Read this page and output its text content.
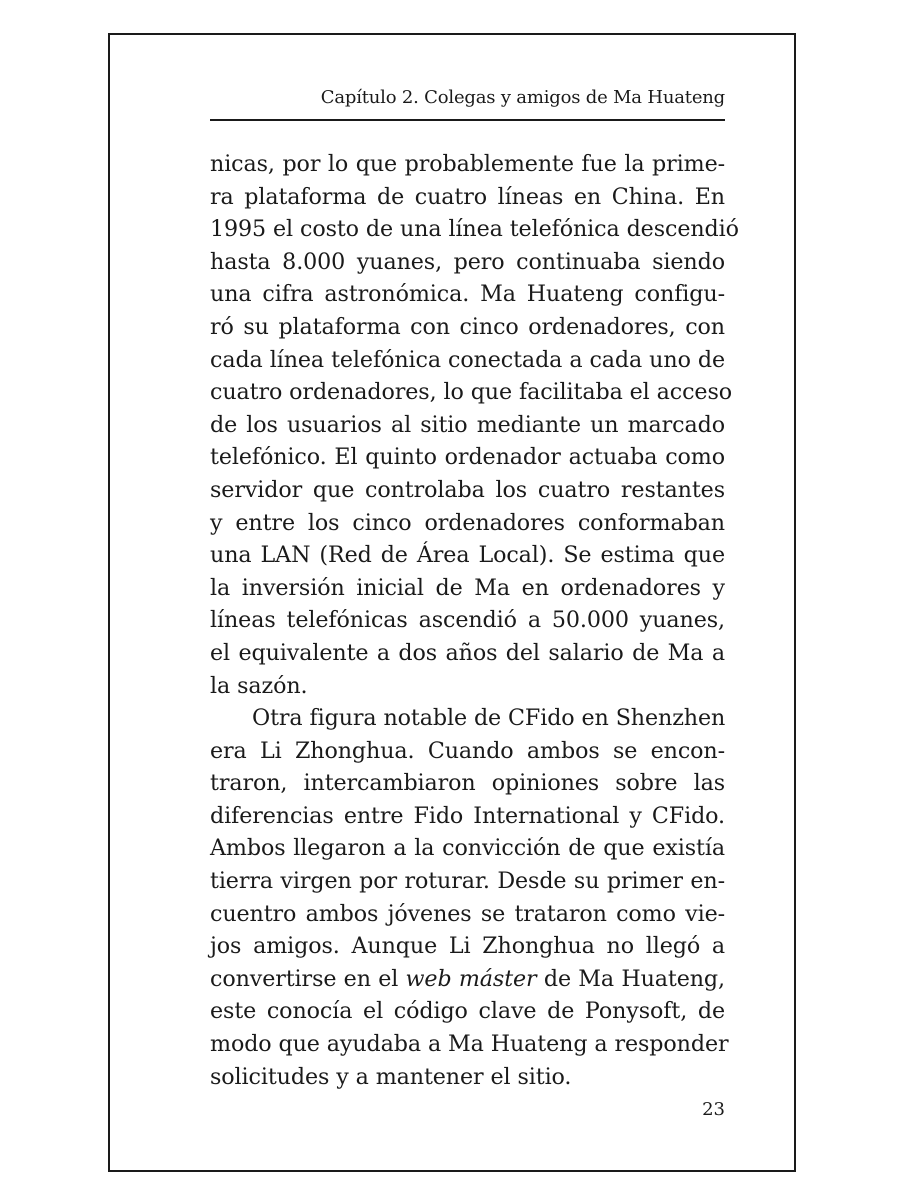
Capítulo 2. Colegas y amigos de Ma Huateng

nicas, por lo que probablemente fue la prime-
ra plataforma de cuatro líneas en China. En
1995 el costo de una línea telefónica descendió
hasta 8.000 yuanes, pero continuaba siendo
una cifra astronómica. Ma Huateng configu-
ró su plataforma con cinco ordenadores, con
cada línea telefónica conectada a cada uno de
cuatro ordenadores, lo que facilitaba el acceso
de los usuarios al sitio mediante un marcado
telefónico. El quinto ordenador actuaba como
servidor que controlaba los cuatro restantes
y entre los cinco ordenadores conformaban
una LAN (Red de Área Local). Se estima que
la inversión inicial de Ma en ordenadores y
líneas telefónicas ascendió a 50.000 yuanes,
el equivalente a dos años del salario de Ma a
la sazón.

Otra figura notable de CFido en Shenzhen
era Li Zhonghua. Cuando ambos se encon-
traron, intercambiaron opiniones sobre las
diferencias entre Fido International y CFido.
Ambos llegaron a la convicción de que existía
tierra virgen por roturar. Desde su primer en-
cuentro ambos jóvenes se trataron como vie-
jos amigos. Aunque Li Zhonghua no llegó a
convertirse en el web máster de Ma Huateng,
este conocía el código clave de Ponysoft, de
modo que ayudaba a Ma Huateng a responder
solicitudes y a mantener el sitio.

23
